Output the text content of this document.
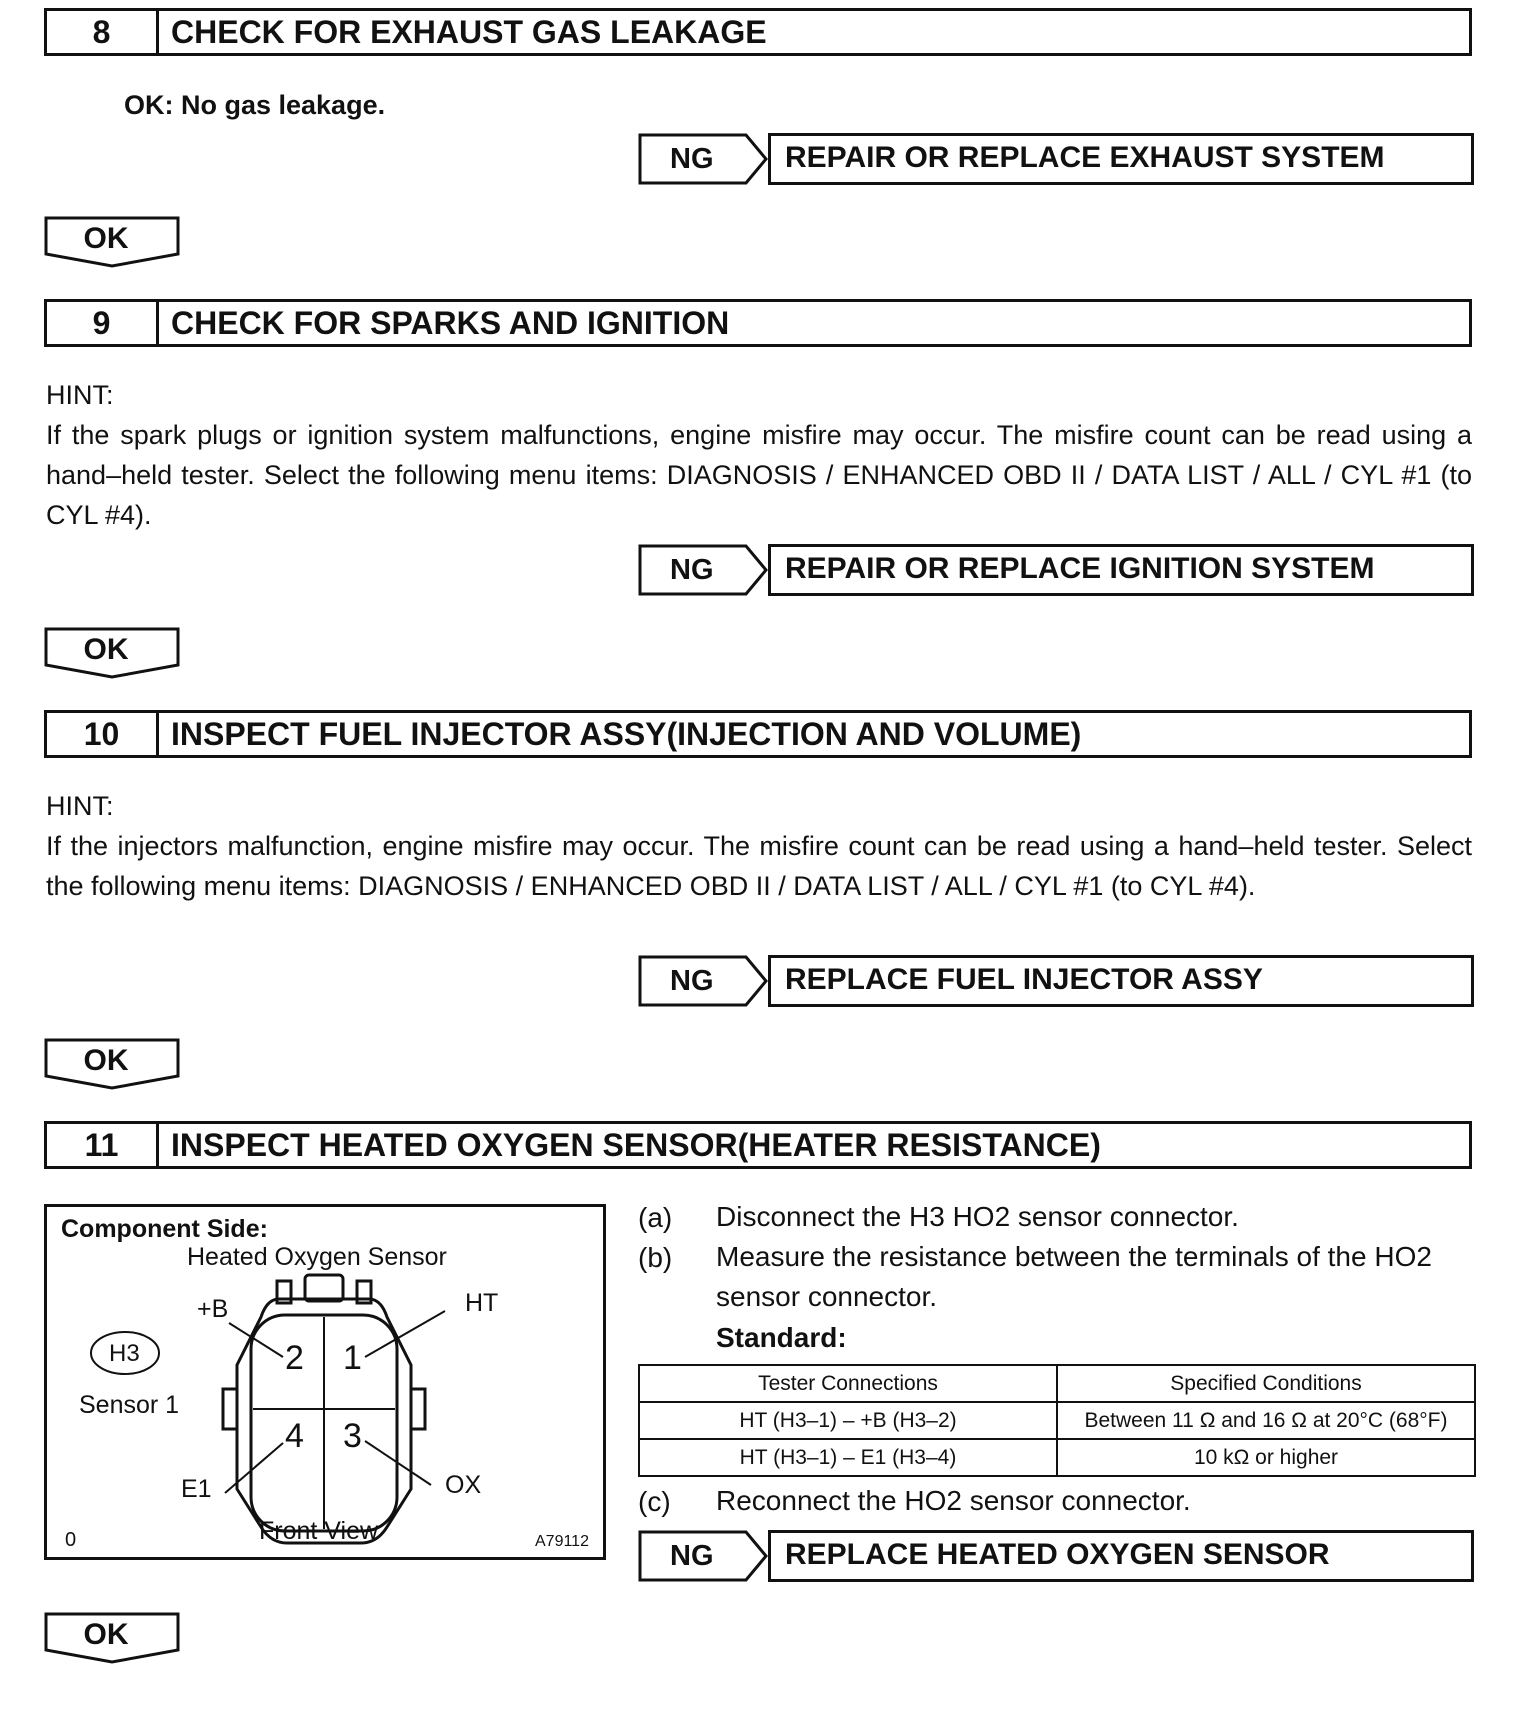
8	CHECK FOR EXHAUST GAS LEAKAGE
OK: No gas leakage.
NG	REPAIR OR REPLACE EXHAUST SYSTEM
OK
9	CHECK FOR SPARKS AND IGNITION
HINT:
If the spark plugs or ignition system malfunctions, engine misfire may occur. The misfire count can be read using a hand–held tester. Select the following menu items: DIAGNOSIS / ENHANCED OBD II / DATA LIST / ALL / CYL #1 (to CYL #4).
NG	REPAIR OR REPLACE IGNITION SYSTEM
OK
10	INSPECT FUEL INJECTOR ASSY(INJECTION AND VOLUME)
HINT:
If the injectors malfunction, engine misfire may occur. The misfire count can be read using a hand–held tester. Select the following menu items: DIAGNOSIS / ENHANCED OBD II / DATA LIST / ALL / CYL #1 (to CYL #4).
NG	REPLACE FUEL INJECTOR ASSY
OK
11	INSPECT HEATED OXYGEN SENSOR(HEATER RESISTANCE)
Component Side:
Heated Oxygen Sensor
H3
Sensor 1
2 1
4 3
+B	HT
E1	OX
Front View
0	A79112
(a) Disconnect the H3 HO2 sensor connector.
(b) Measure the resistance between the terminals of the HO2 sensor connector.
Standard:
Tester Connections	Specified Conditions
HT (H3–1) – +B (H3–2)	Between 11 Ω and 16 Ω at 20°C (68°F)
HT (H3–1) – E1 (H3–4)	10 kΩ or higher
(c) Reconnect the HO2 sensor connector.
NG	REPLACE HEATED OXYGEN SENSOR
OK
